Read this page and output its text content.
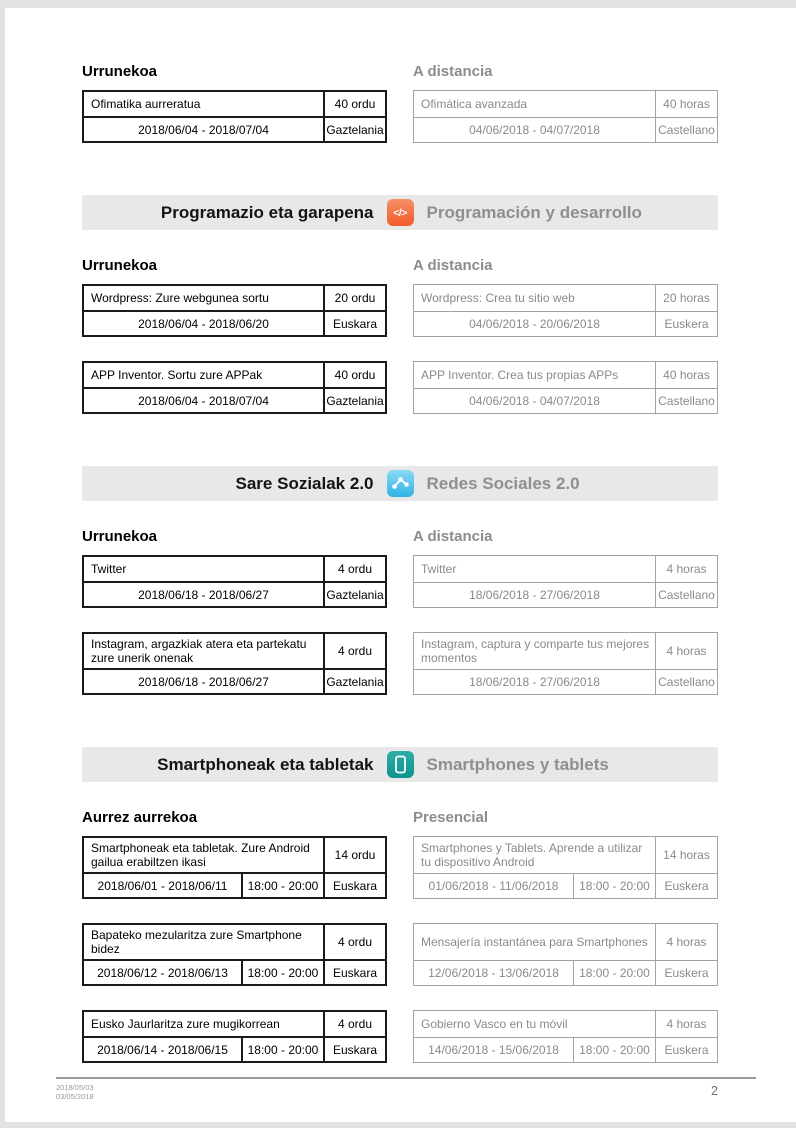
Urrunekoa	A distancia
Ofimatika aurreratua	40 ordu
2018/06/04 - 2018/07/04	Gaztelania
Ofimática avanzada	40 horas
04/06/2018 - 04/07/2018	Castellano
Programazio eta garapena	</>	Programación y desarrollo
Urrunekoa	A distancia
Wordpress: Zure webgunea sortu	20 ordu
2018/06/04 - 2018/06/20	Euskara
Wordpress: Crea tu sitio web	20 horas
04/06/2018 - 20/06/2018	Euskera
APP Inventor. Sortu zure APPak	40 ordu
2018/06/04 - 2018/07/04	Gaztelania
APP Inventor. Crea tus propias APPs	40 horas
04/06/2018 - 04/07/2018	Castellano
Sare Sozialak 2.0	Redes Sociales 2.0
Urrunekoa	A distancia
Twitter	4 ordu
2018/06/18 - 2018/06/27	Gaztelania
Twitter	4 horas
18/06/2018 - 27/06/2018	Castellano
Instagram, argazkiak atera eta partekatu zure unerik onenak	4 ordu
2018/06/18 - 2018/06/27	Gaztelania
Instagram, captura y comparte tus mejores momentos	4 horas
18/06/2018 - 27/06/2018	Castellano
Smartphoneak eta tabletak	Smartphones y tablets
Aurrez aurrekoa	Presencial
Smartphoneak eta tabletak. Zure Android gailua erabiltzen ikasi	14 ordu
2018/06/01 - 2018/06/11	18:00 - 20:00	Euskara
Smartphones y Tablets. Aprende a utilizar tu dispositivo Android	14 horas
01/06/2018 - 11/06/2018	18:00 - 20:00	Euskera
Bapateko mezularitza zure Smartphone bidez	4 ordu
2018/06/12 - 2018/06/13	18:00 - 20:00	Euskara
Mensajería instantánea para Smartphones	4 horas
12/06/2018 - 13/06/2018	18:00 - 20:00	Euskera
Eusko Jaurlaritza zure mugikorrean	4 ordu
2018/06/14 - 2018/06/15	18:00 - 20:00	Euskara
Gobierno Vasco en tu móvil	4 horas
14/06/2018 - 15/06/2018	18:00 - 20:00	Euskera
2018/05/03
03/05/2018	2
